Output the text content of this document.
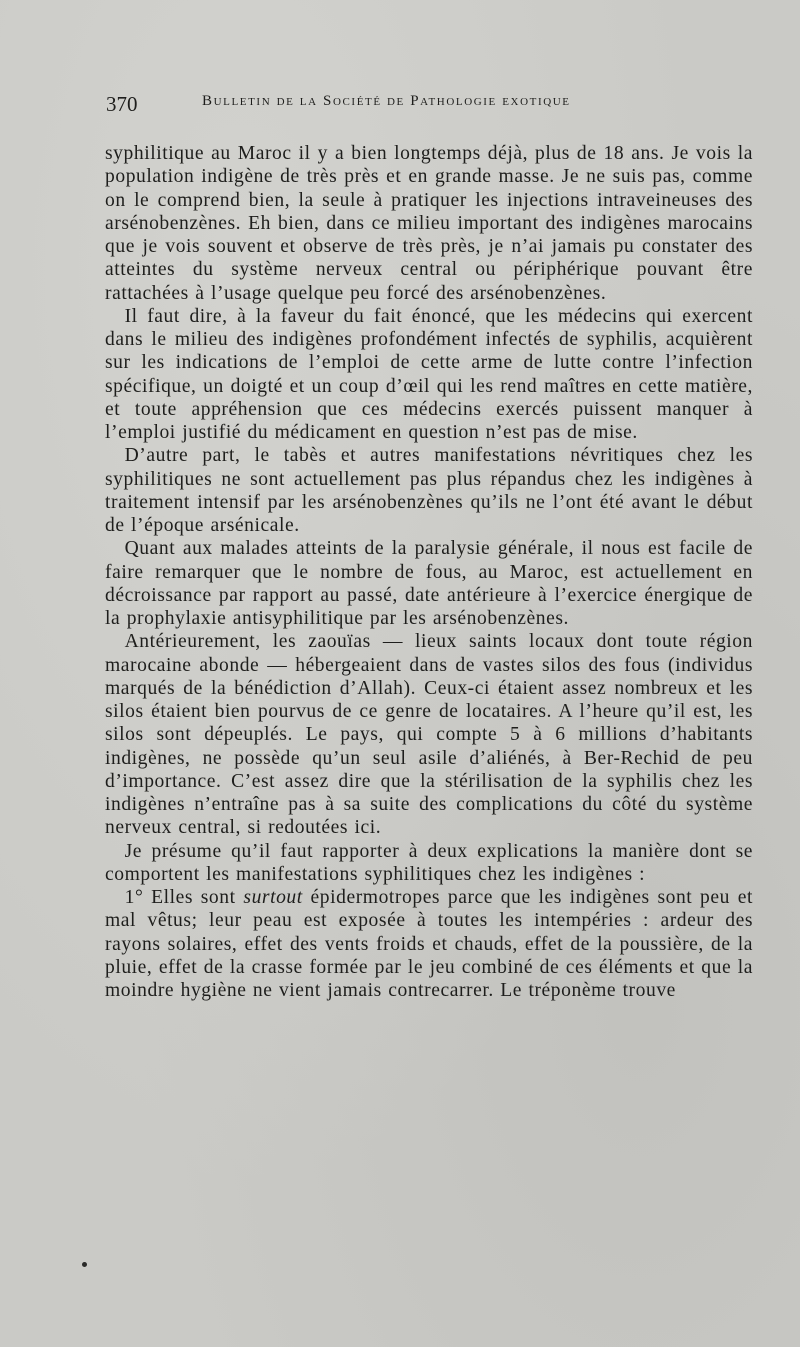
370	Bulletin de la Société de Pathologie exotique

syphilitique au Maroc il y a bien longtemps déjà, plus de 18 ans. Je vois la population indigène de très près et en grande masse. Je ne suis pas, comme on le comprend bien, la seule à pratiquer les injections intraveineuses des arsénobenzènes. Eh bien, dans ce milieu important des indigènes marocains que je vois souvent et observe de très près, je n’ai jamais pu constater des atteintes du système nerveux central ou périphérique pouvant être rattachées à l’usage quelque peu forcé des arsénobenzènes.

Il faut dire, à la faveur du fait énoncé, que les médecins qui exercent dans le milieu des indigènes profondément infectés de syphilis, acquièrent sur les indications de l’emploi de cette arme de lutte contre l’infection spécifique, un doigté et un coup d’œil qui les rend maîtres en cette matière, et toute appréhension que ces médecins exercés puissent manquer à l’emploi justifié du médicament en question n’est pas de mise.

D’autre part, le tabès et autres manifestations névritiques chez les syphilitiques ne sont actuellement pas plus répandus chez les indigènes à traitement intensif par les arsénobenzènes qu’ils ne l’ont été avant le début de l’époque arsénicale.

Quant aux malades atteints de la paralysie générale, il nous est facile de faire remarquer que le nombre de fous, au Maroc, est actuellement en décroissance par rapport au passé, date antérieure à l’exercice énergique de la prophylaxie antisyphilitique par les arsénobenzènes.

Antérieurement, les zaouïas — lieux saints locaux dont toute région marocaine abonde — hébergeaient dans de vastes silos des fous (individus marqués de la bénédiction d’Allah). Ceux-ci étaient assez nombreux et les silos étaient bien pourvus de ce genre de locataires. A l’heure qu’il est, les silos sont dépeuplés. Le pays, qui compte 5 à 6 millions d’habitants indigènes, ne possède qu’un seul asile d’aliénés, à Ber-Rechid de peu d’importance. C’est assez dire que la stérilisation de la syphilis chez les indigènes n’entraîne pas à sa suite des complications du côté du système nerveux central, si redoutées ici.

Je présume qu’il faut rapporter à deux explications la manière dont se comportent les manifestations syphilitiques chez les indigènes :

1° Elles sont surtout épidermotropes parce que les indigènes sont peu et mal vêtus; leur peau est exposée à toutes les intempéries : ardeur des rayons solaires, effet des vents froids et chauds, effet de la poussière, de la pluie, effet de la crasse formée par le jeu combiné de ces éléments et que la moindre hygiène ne vient jamais contrecarrer. Le tréponème trouve
